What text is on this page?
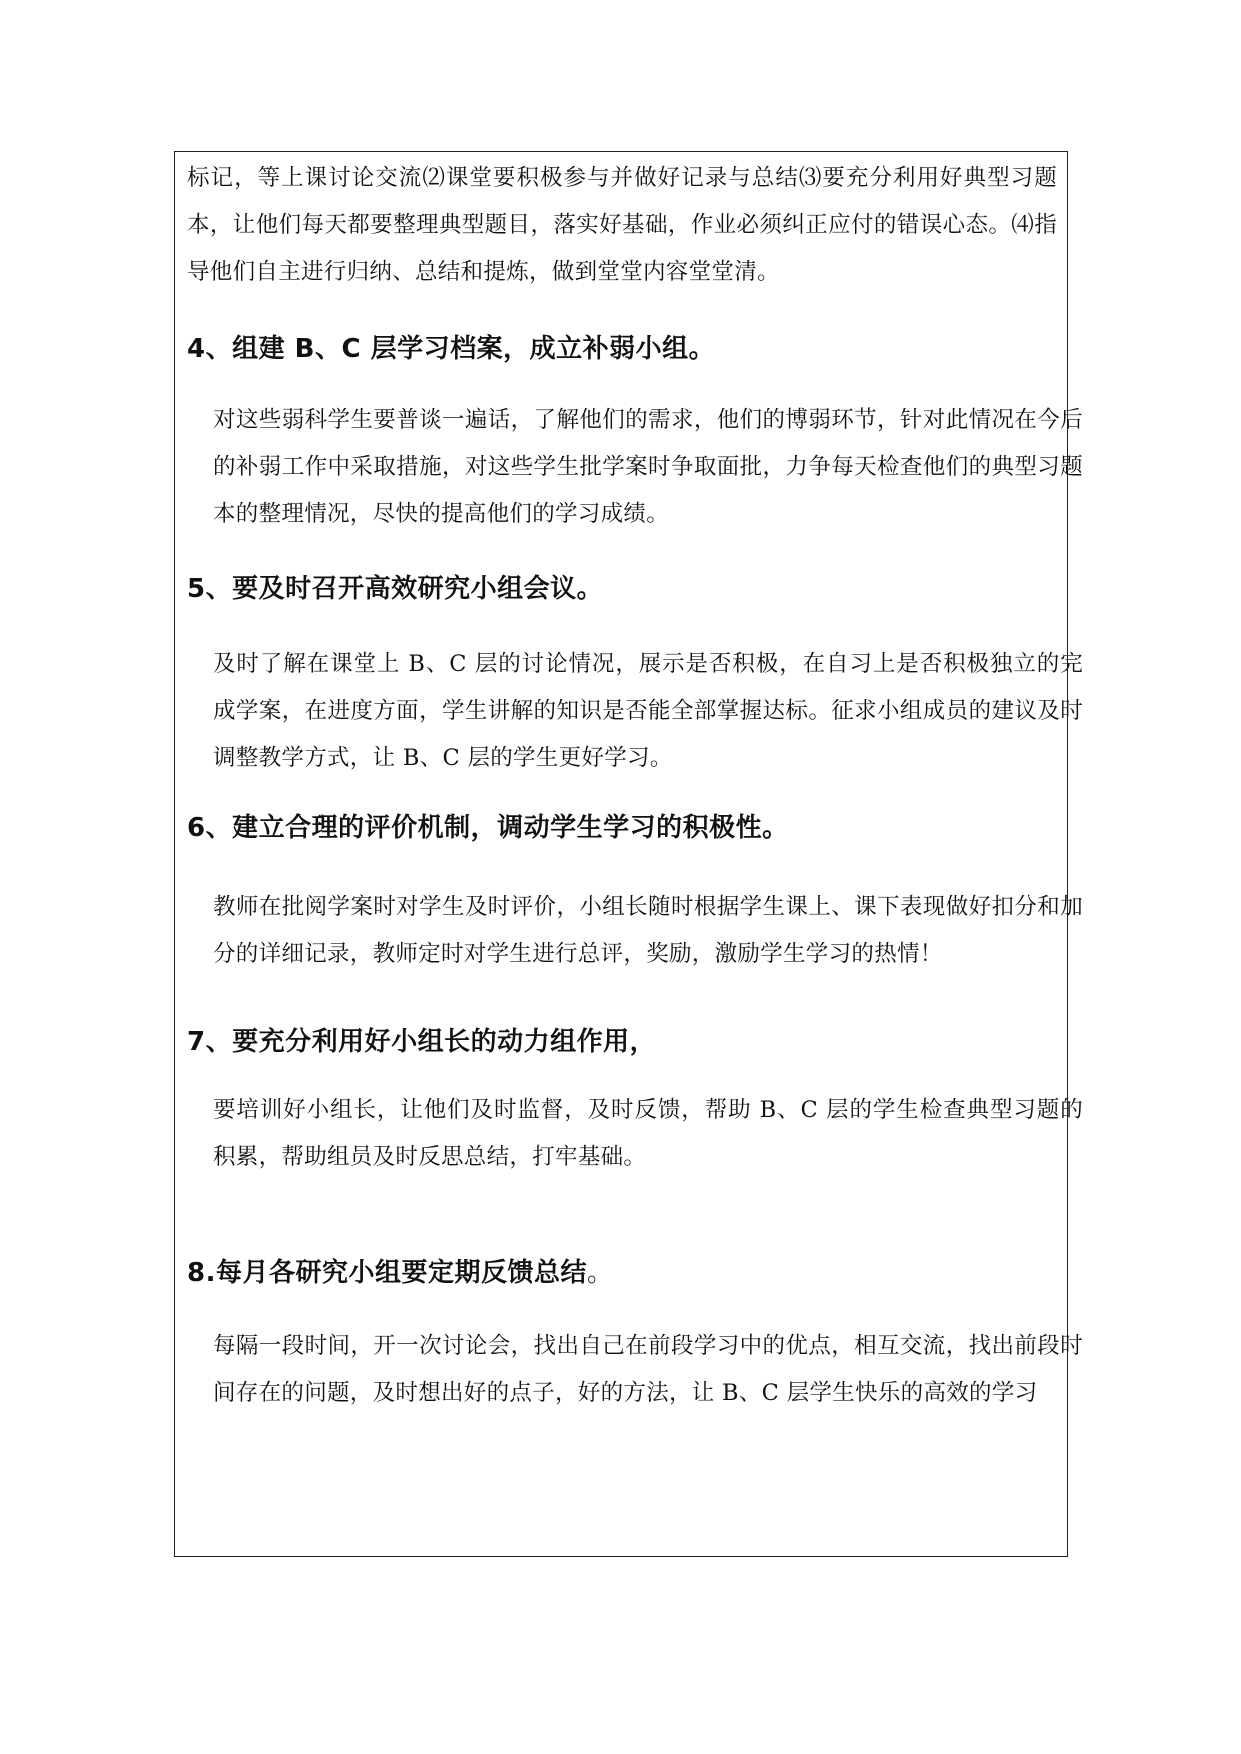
标记，等上课讨论交流⑵课堂要积极参与并做好记录与总结⑶要充分利用好典型习题本，让他们每天都要整理典型题目，落实好基础，作业必须纠正应付的错误心态。⑷指导他们自主进行归纳、总结和提炼，做到堂堂内容堂堂清。
4、组建 B、C 层学习档案，成立补弱小组。
对这些弱科学生要普谈一遍话，了解他们的需求，他们的博弱环节，针对此情况在今后的补弱工作中采取措施，对这些学生批学案时争取面批，力争每天检查他们的典型习题本的整理情况，尽快的提高他们的学习成绩。
5、要及时召开高效研究小组会议。
及时了解在课堂上 B、C 层的讨论情况，展示是否积极，在自习上是否积极独立的完成学案，在进度方面，学生讲解的知识是否能全部掌握达标。征求小组成员的建议及时调整教学方式，让 B、C 层的学生更好学习。
6、建立合理的评价机制，调动学生学习的积极性。
教师在批阅学案时对学生及时评价，小组长随时根据学生课上、课下表现做好扣分和加分的详细记录，教师定时对学生进行总评，奖励，激励学生学习的热情！
7、要充分利用好小组长的动力组作用，
要培训好小组长，让他们及时监督，及时反馈，帮助 B、C 层的学生检查典型习题的积累，帮助组员及时反思总结，打牢基础。
8.每月各研究小组要定期反馈总结。
每隔一段时间，开一次讨论会，找出自己在前段学习中的优点，相互交流，找出前段时间存在的问题，及时想出好的点子，好的方法，让 B、C 层学生快乐的高效的学习
